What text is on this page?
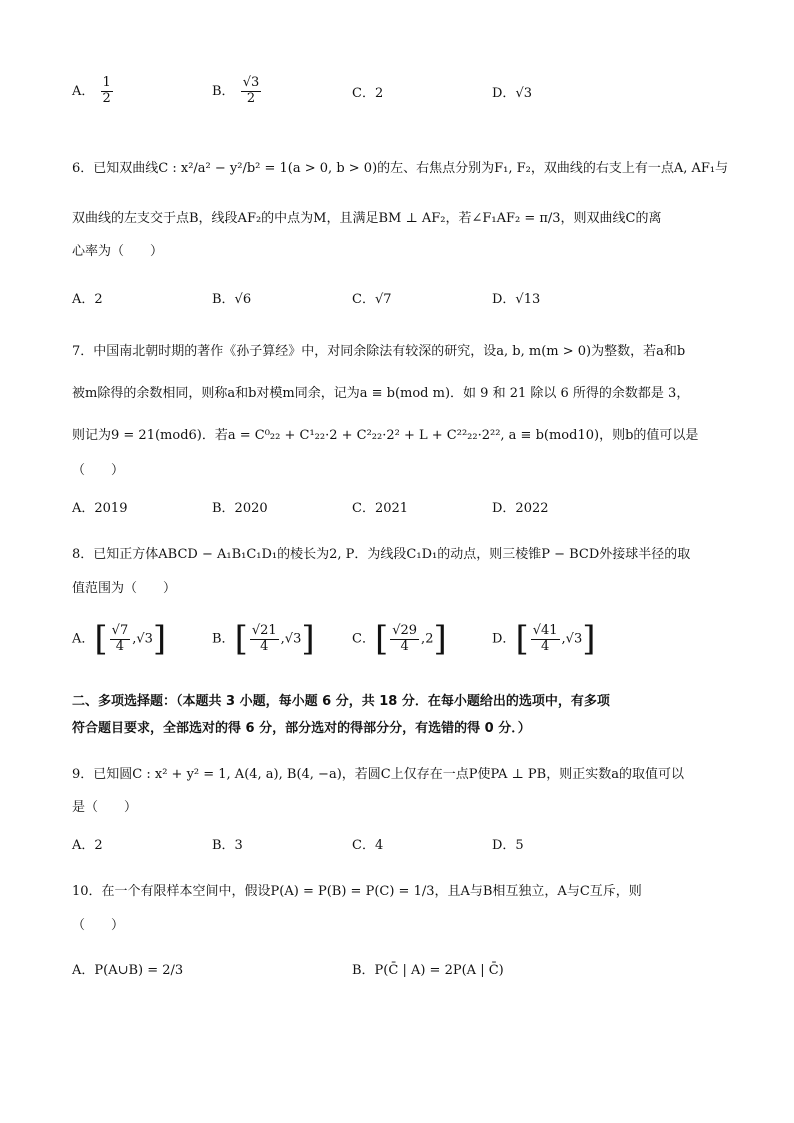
A． $\frac{1}{2}$	B． $\frac{√3}{2}$	C．2	D．√3
6．已知双曲线C : x²/a² − y²/b² = 1(a > 0, b > 0)的左、右焦点分别为F₁, F₂，双曲线的右支上有一点A, AF₁与
双曲线的左支交于点B，线段AF₂的中点为M，且满足BM ⊥ AF₂，若∠F₁AF₂ = π/3，则双曲线C的离
心率为（　　）
A．2	B．√6	C．√7	D．√13
7．中国南北朝时期的著作《孙子算经》中，对同余除法有较深的研究，设a, b, m(m > 0)为整数，若a和b
被m除得的余数相同，则称a和b对模m同余，记为a ≡ b(mod m)．如 9 和 21 除以 6 所得的余数都是 3，
则记为9 = 21(mod6)．若a = C⁰₂₂ + C¹₂₂·2 + C²₂₂·2² + L + C²²₂₂·2²², a ≡ b(mod10)，则b的值可以是
（　　）
A．2019	B．2020	C．2021	D．2022
8．已知正方体ABCD − A₁B₁C₁D₁的棱长为2, P．为线段C₁D₁的动点，则三棱锥P − BCD外接球半径的取
值范围为（　　）
A．[ $\frac{√7}{4} ,√3$]	B．[ $\frac{√21}{4} ,√3$]	C．[ $\frac{√29}{4} ,2$]	D．[ $\frac{√41}{4} ,√3$]
二、多项选择题：（本题共 3 小题，每小题 6 分，共 18 分．在每小题给出的选项中，有多项
符合题目要求，全部选对的得 6 分，部分选对的得部分分，有选错的得 0 分．）
9．已知圆C : x² + y² = 1, A(4, a), B(4, −a)，若圆C上仅存在一点P使PA ⊥ PB，则正实数a的取值可以
是（　　）
A．2	B．3	C．4	D．5
10．在一个有限样本空间中，假设P(A) = P(B) = P(C) = 1/3，且A与B相互独立，A与C互斥，则
（　　）
A．P(A∪B) = 2/3	B．P(C̄ | A) = 2P(A | C̄)
